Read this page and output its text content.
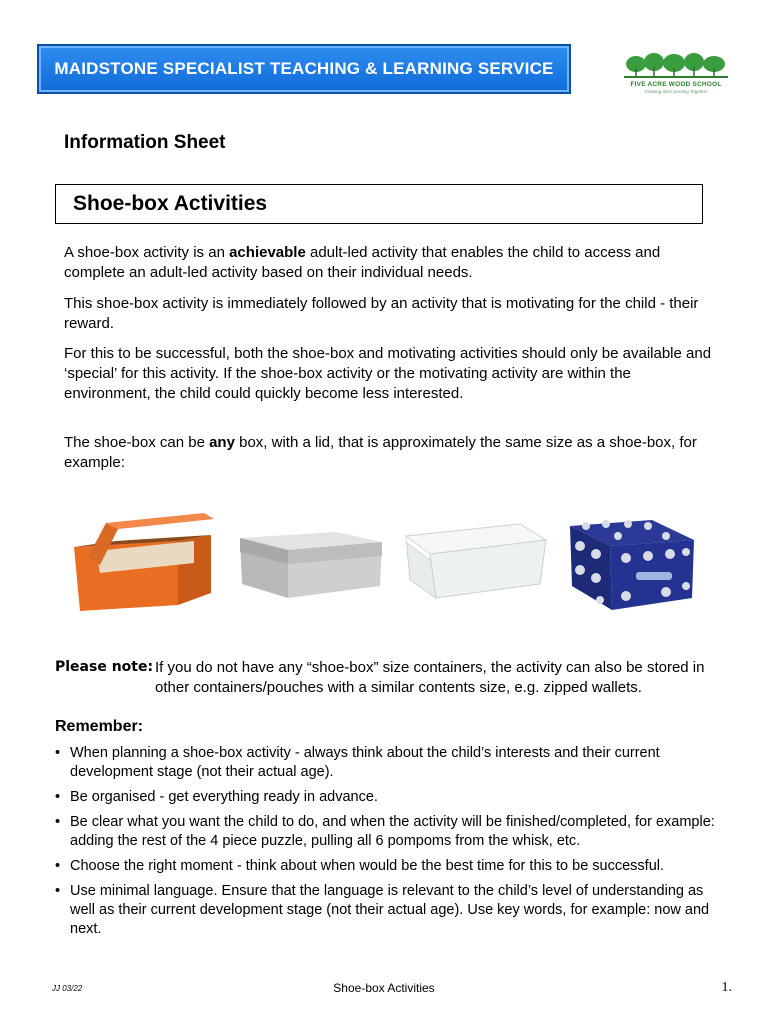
MAIDSTONE SPECIALIST TEACHING & LEARNING SERVICE
FIVE ACRE WOOD SCHOOL
Growing and Learning Together
Information Sheet
Shoe-box Activities

A shoe-box activity is an achievable adult-led activity that enables the child to access and complete an adult-led activity based on their individual needs.

This shoe-box activity is immediately followed by an activity that is motivating for the child - their reward.

For this to be successful, both the shoe-box and motivating activities should only be available and ‘special’ for this activity. If the shoe-box activity or the motivating activity are within the environment, the child could quickly become less interested.

The shoe-box can be any box, with a lid, that is approximately the same size as a shoe-box, for example:

Please note: If you do not have any “shoe-box” size containers, the activity can also be stored in other containers/pouches with a similar contents size, e.g. zipped wallets.
Remember:
• When planning a shoe-box activity - always think about the child’s interests and their current development stage (not their actual age).
• Be organised - get everything ready in advance.
• Be clear what you want the child to do, and when the activity will be finished/completed, for example: adding the rest of the 4 piece puzzle, pulling all 6 pompoms from the whisk, etc.
• Choose the right moment - think about when would be the best time for this to be successful.
• Use minimal language. Ensure that the language is relevant to the child’s level of understanding as well as their current development stage (not their actual age). Use key words, for example: now and next.
JJ 03/22	Shoe-box Activities	1.
